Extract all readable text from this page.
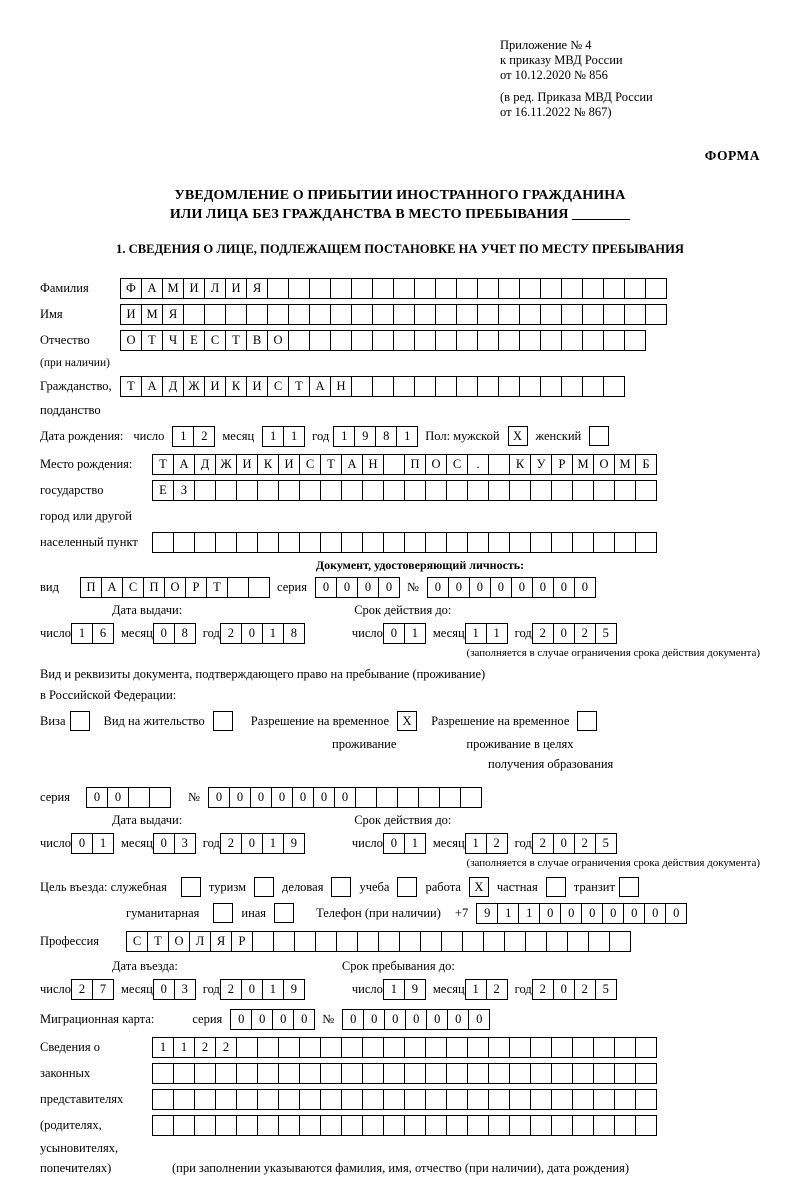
Приложение № 4
к приказу МВД России
от 10.12.2020 № 856
(в ред. Приказа МВД России
от 16.11.2022 № 867)
ФОРМА
УВЕДОМЛЕНИЕ О ПРИБЫТИИ ИНОСТРАННОГО ГРАЖДАНИНА
ИЛИ ЛИЦА БЕЗ ГРАЖДАНСТВА В МЕСТО ПРЕБЫВАНИЯ
1. СВЕДЕНИЯ О ЛИЦЕ, ПОДЛЕЖАЩЕМ ПОСТАНОВКЕ НА УЧЕТ ПО МЕСТУ ПРЕБЫВАНИЯ
Фамилия	Ф А М И Л И Я
Имя	И М Я
Отчество	О	Т	Ч	Е	С	Т	В О
(при наличии)
Гражданство,	Т	А Д Ж И К И С	Т	А Н
подданство
Дата рождения: число	1	2	месяц	1	1	год 1	9	8	1	Пол: мужской	Х	женский
Место рождения:	Т	А Д Ж И К И С	Т	А Н	П О С	.	К У	Р М О М Б
государство	Е	З
город или другой
населенный пункт
Документ, удостоверяющий личность:
вид	П А С П О	Р	Т	серия	0	0	0	0	№	0	0	0	0	0	0	0	0
Дата выдачи:	Срок действия до:
число 1	6	месяц 0	8	год 2	0	1	8	число 0	1	месяц 1	1	год 2	0	2	5
(заполняется в случае ограничения срока действия документа)
Вид и реквизиты документа, подтверждающего право на пребывание (проживание)
в Российской Федерации:
Виза	Вид на жительство	Разрешение на временное	Х	Разрешение на временное
проживание	проживание в целях
получения образования
серия	0	0	№	0	0	0	0	0	0	0
Дата выдачи:	Срок действия до:
число 0	1	месяц 0	3	год 2	0	1	9	число 0	1	месяц 1	2	год 2	0	2	5
(заполняется в случае ограничения срока действия документа)
Цель въезда: служебная	туризм	деловая	учеба	работа	Х	частная	транзит
гуманитарная	иная	Телефон (при наличии) +7	9	1	1	0	0	0	0	0	0	0
Профессия	С	Т	О Л	Я	Р
Дата въезда:	Срок пребывания до:
число 2	7	месяц 0	3	год 2	0	1	9	число 1	9	месяц 1	2	год 2	0	2	5
Миграционная карта:	серия	0	0	0	0	№	0	0	0	0	0	0	0
Сведения о	1	1	2	2
законных
представителях
(родителях,
усыновителях,
попечителях)	(при заполнении указываются фамилия, имя, отчество (при наличии), дата рождения)
